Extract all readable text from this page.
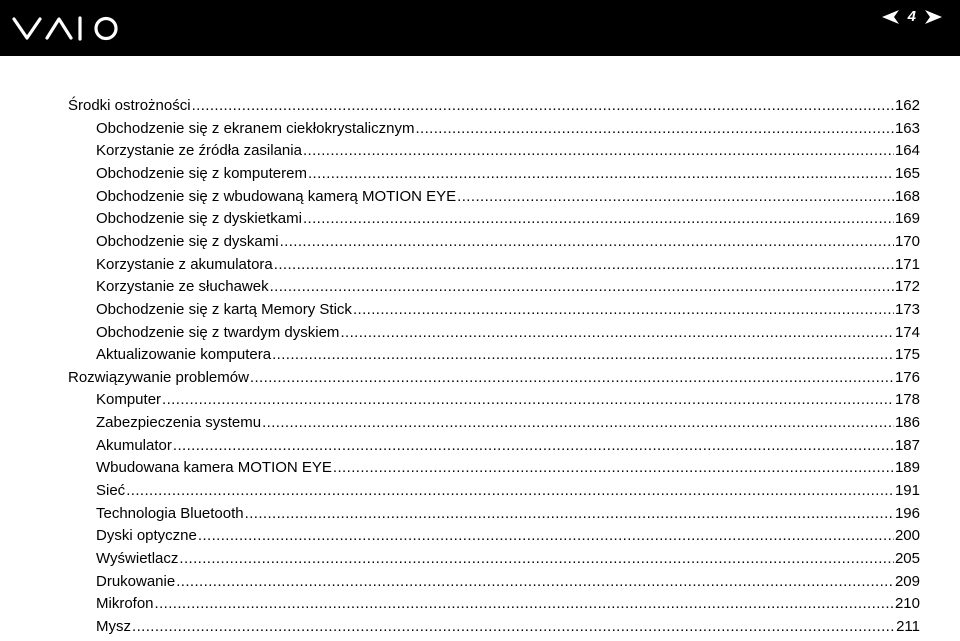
4
Środki ostrożności .....	162
Obchodzenie się z ekranem ciekłokrystalicznym .....	163
Korzystanie ze źródła zasilania .....	164
Obchodzenie się z komputerem .....	165
Obchodzenie się z wbudowaną kamerą MOTION EYE .....	168
Obchodzenie się z dyskietkami .....	169
Obchodzenie się z dyskami .....	170
Korzystanie z akumulatora .....	171
Korzystanie ze słuchawek .....	172
Obchodzenie się z kartą Memory Stick .....	173
Obchodzenie się z twardym dyskiem .....	174
Aktualizowanie komputera .....	175
Rozwiązywanie problemów .....	176
Komputer .....	178
Zabezpieczenia systemu .....	186
Akumulator .....	187
Wbudowana kamera MOTION EYE .....	189
Sieć .....	191
Technologia Bluetooth .....	196
Dyski optyczne .....	200
Wyświetlacz .....	205
Drukowanie .....	209
Mikrofon .....	210
Mysz .....	211
